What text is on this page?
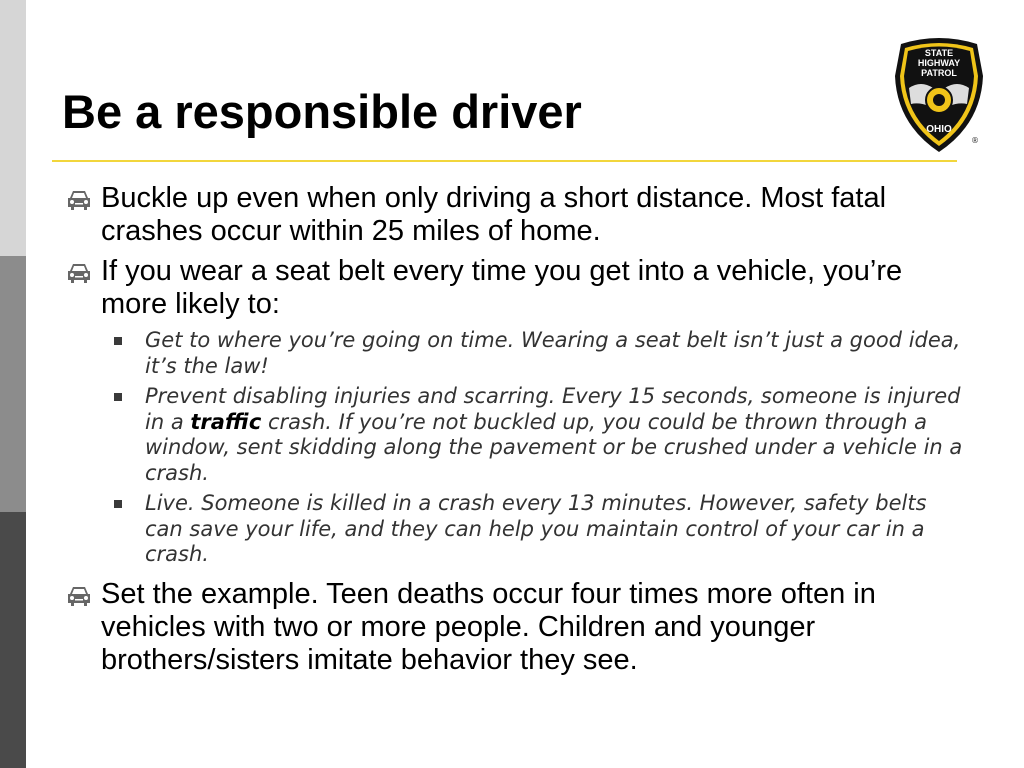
Be a responsible driver
STATE
HIGHWAY
PATROL
OHIO
®
Buckle up even when only driving a short distance. Most fatal crashes occur within 25 miles of home.
If you wear a seat belt every time you get into a vehicle, you’re more likely to:
Get to where you’re going on time. Wearing a seat belt isn’t just a good idea, it’s the law!
Prevent disabling injuries and scarring. Every 15 seconds, someone is injured in a traffic crash. If you’re not buckled up, you could be thrown through a window, sent skidding along the pavement or be crushed under a vehicle in a crash.
Live. Someone is killed in a crash every 13 minutes. However, safety belts can save your life, and they can help you maintain control of your car in a crash.
Set the example. Teen deaths occur four times more often in vehicles with two or more people. Children and younger brothers/sisters imitate behavior they see.
